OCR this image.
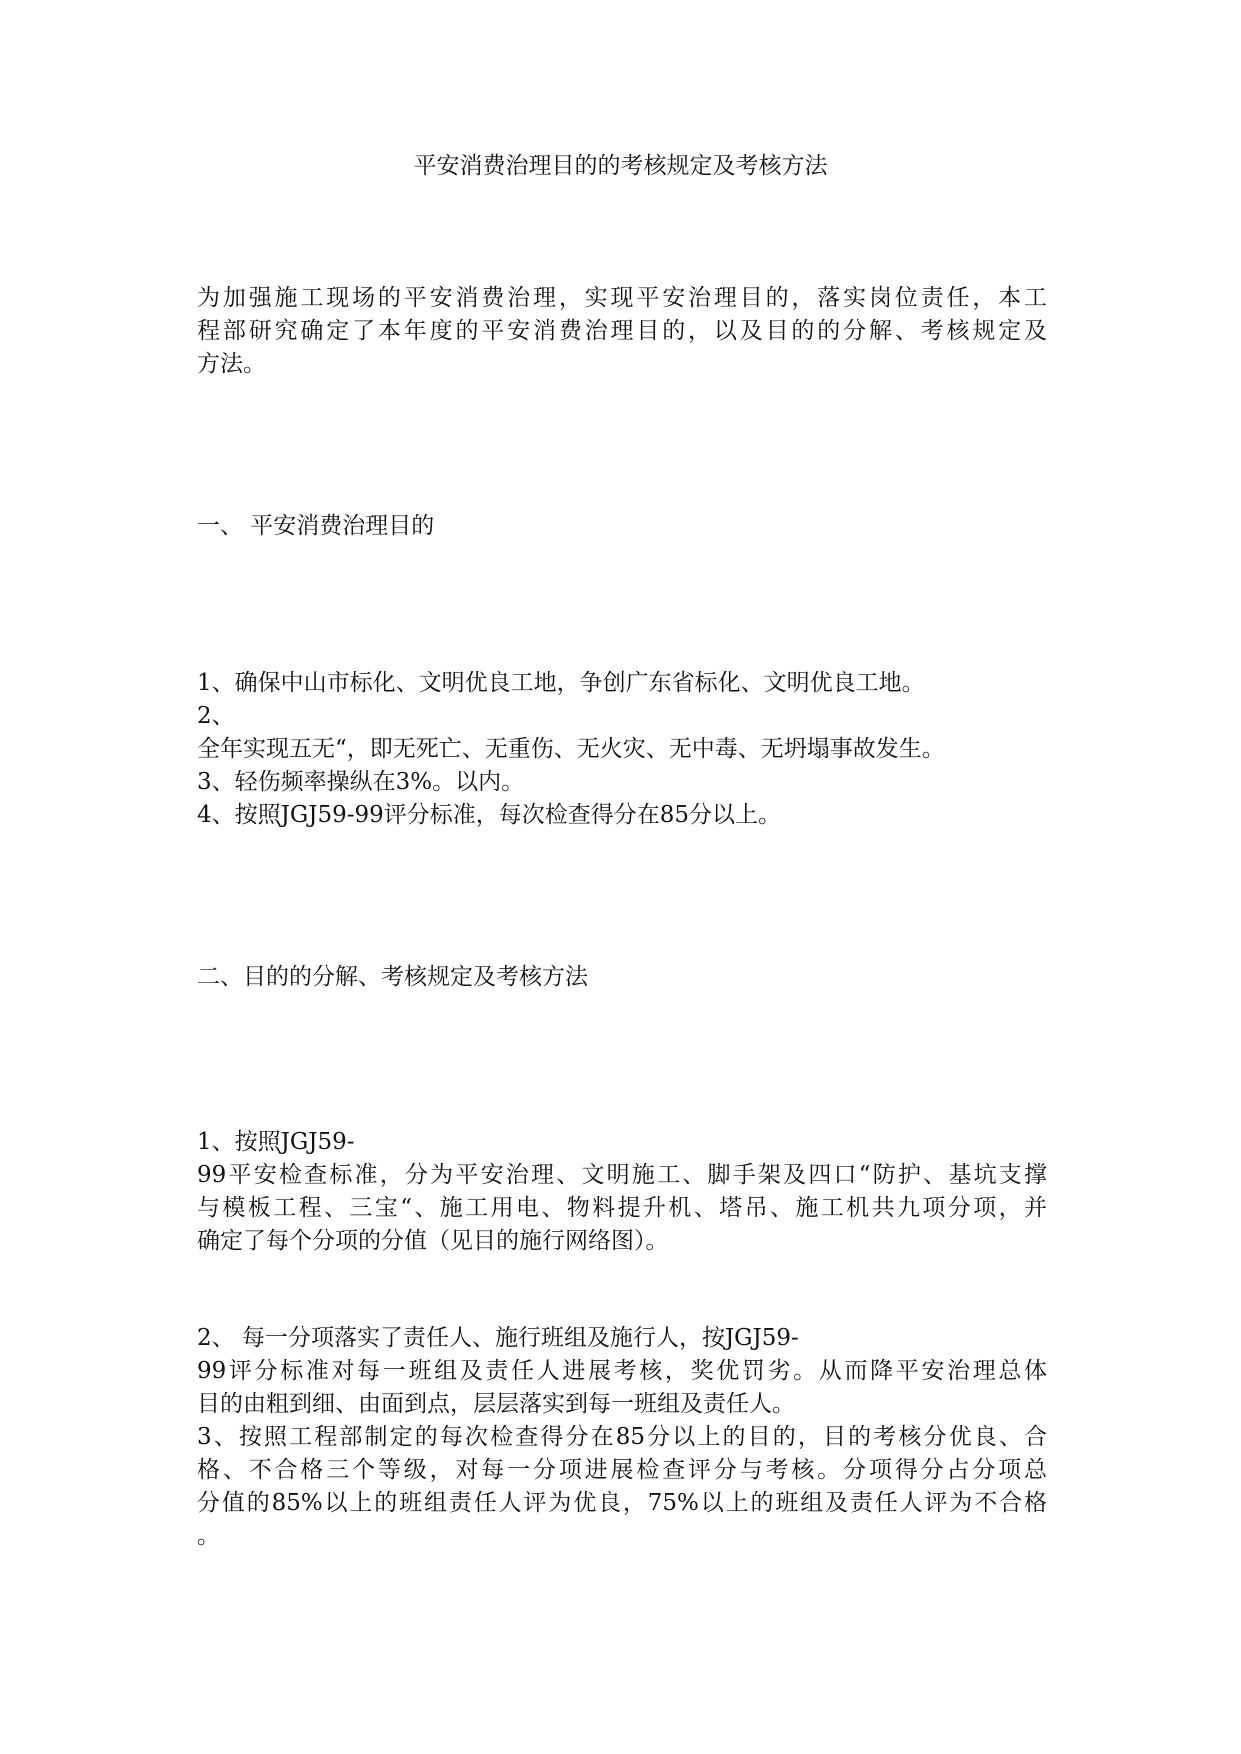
平安消费治理目的的考核规定及考核方法
为加强施工现场的平安消费治理，实现平安治理目的，落实岗位责任，本工
程部研究确定了本年度的平安消费治理目的，以及目的的分解、考核规定及
方法。
一、 平安消费治理目的
1、确保中山市标化、文明优良工地，争创广东省标化、文明优良工地。
2、
全年实现五无“，即无死亡、无重伤、无火灾、无中毒、无坍塌事故发生。
3、轻伤频率操纵在3%。以内。
4、按照JGJ59-99评分标准，每次检查得分在85分以上。
二、目的的分解、考核规定及考核方法
1、按照JGJ59-
99平安检查标准，分为平安治理、文明施工、脚手架及四口“防护、基坑支撑
与模板工程、三宝“、施工用电、物料提升机、塔吊、施工机共九项分项，并
确定了每个分项的分值（见目的施行网络图）。
2、 每一分项落实了责任人、施行班组及施行人，按JGJ59-
99评分标准对每一班组及责任人进展考核，奖优罚劣。从而降平安治理总体
目的由粗到细、由面到点，层层落实到每一班组及责任人。
3、按照工程部制定的每次检查得分在85分以上的目的，目的考核分优良、合
格、不合格三个等级，对每一分项进展检查评分与考核。分项得分占分项总
分值的85%以上的班组责任人评为优良，75%以上的班组及责任人评为不合格
。
